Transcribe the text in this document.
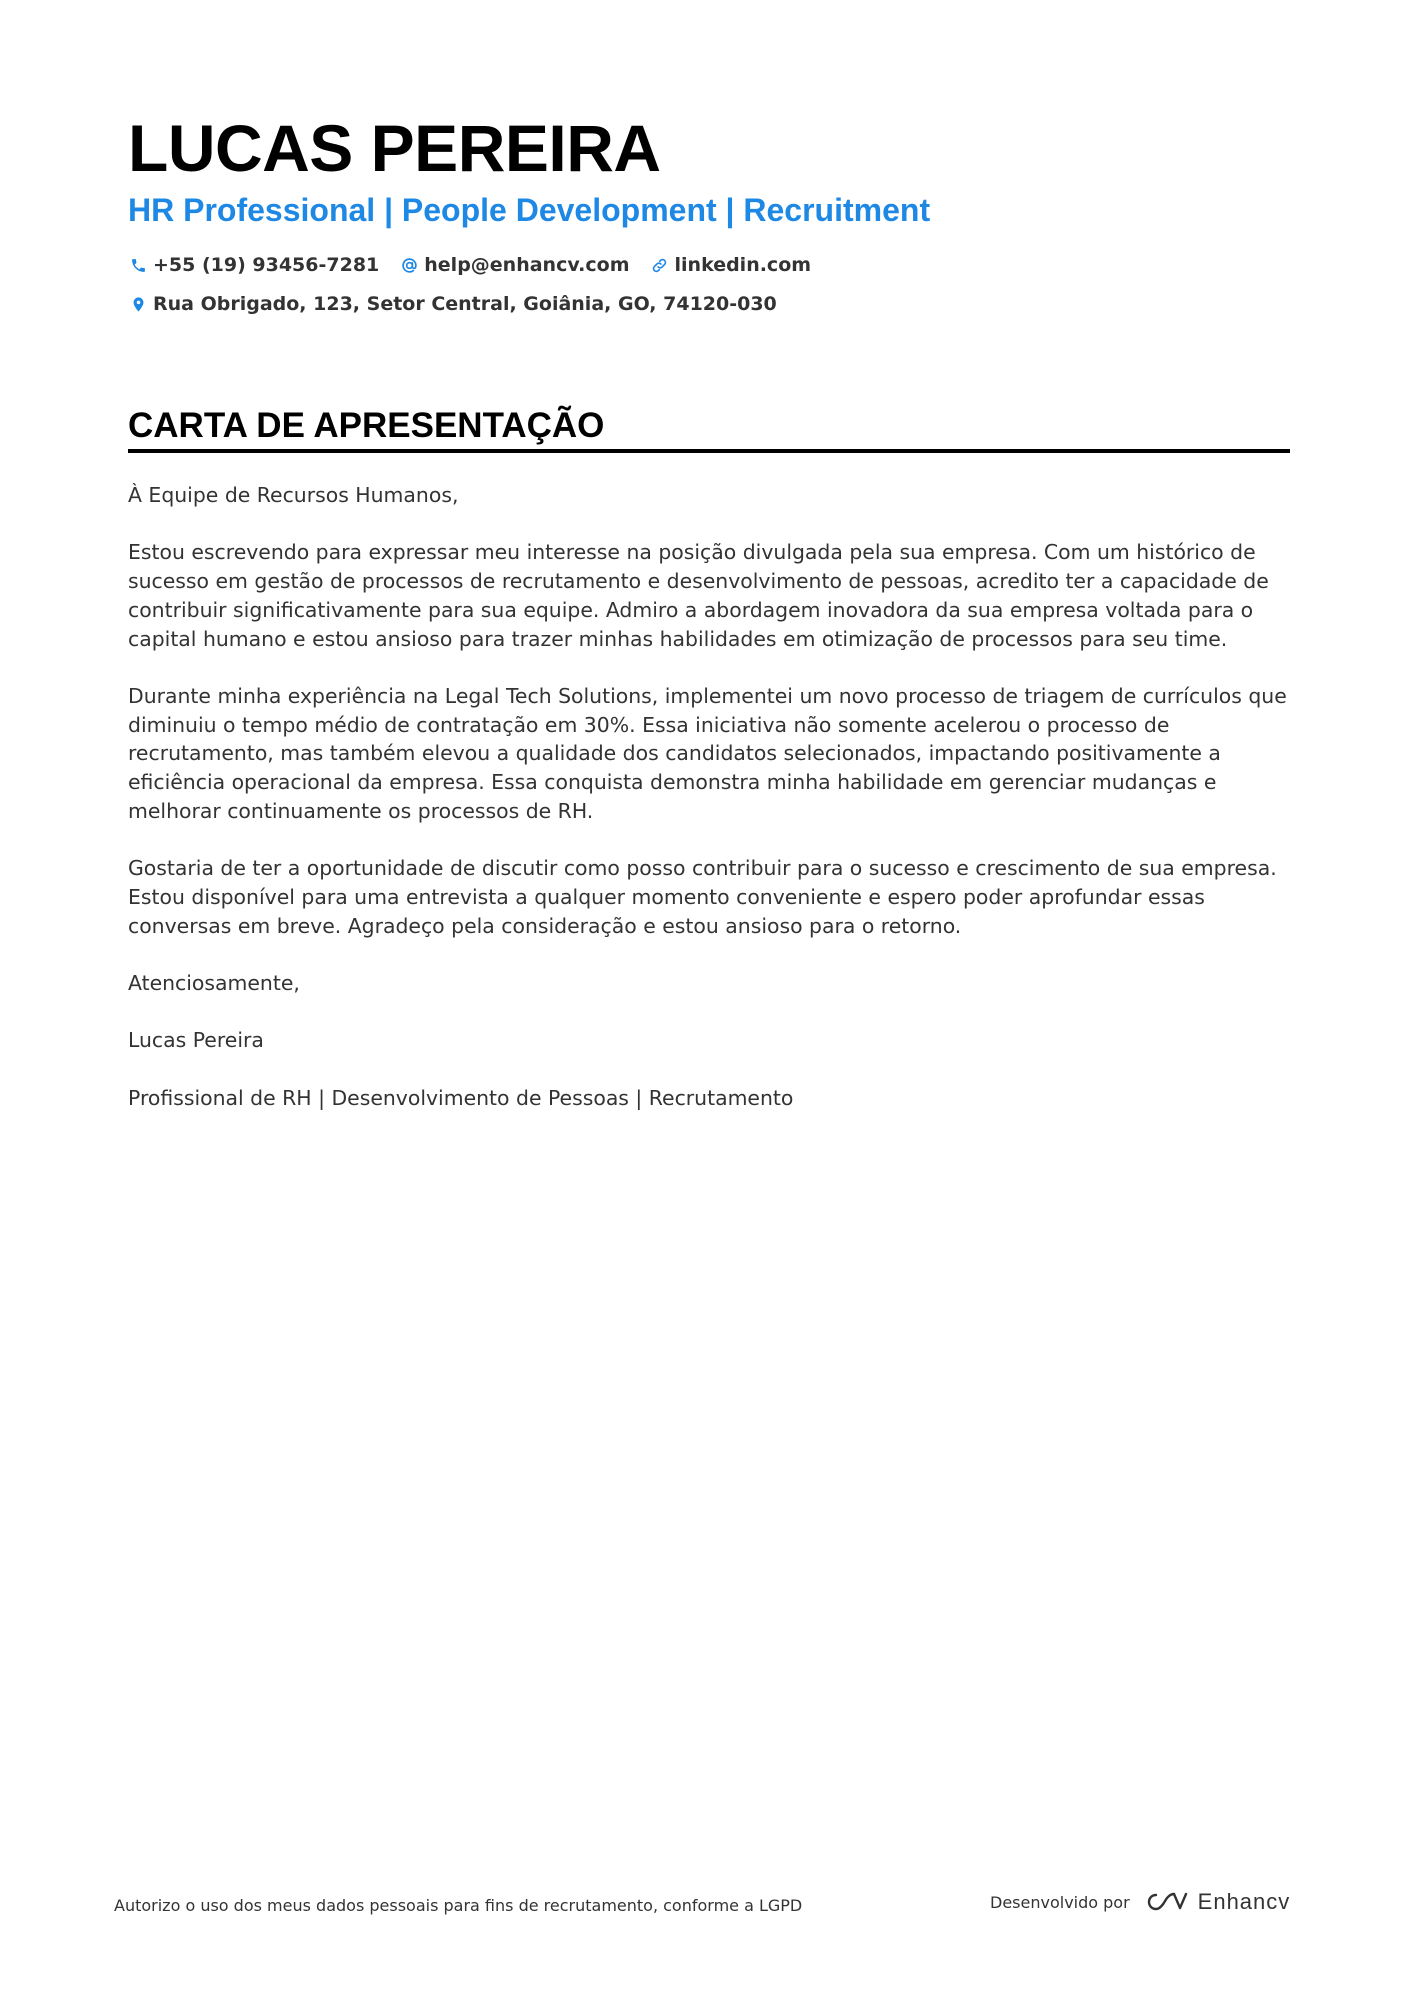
LUCAS PEREIRA
HR Professional | People Development | Recruitment
+55 (19) 93456-7281 help@enhancv.com linkedin.com
Rua Obrigado, 123, Setor Central, Goiânia, GO, 74120-030
CARTA DE APRESENTAÇÃO

À Equipe de Recursos Humanos,

Estou escrevendo para expressar meu interesse na posição divulgada pela sua empresa. Com um histórico de sucesso em gestão de processos de recrutamento e desenvolvimento de pessoas, acredito ter a capacidade de contribuir significativamente para sua equipe. Admiro a abordagem inovadora da sua empresa voltada para o capital humano e estou ansioso para trazer minhas habilidades em otimização de processos para seu time.

Durante minha experiência na Legal Tech Solutions, implementei um novo processo de triagem de currículos que diminuiu o tempo médio de contratação em 30%. Essa iniciativa não somente acelerou o processo de recrutamento, mas também elevou a qualidade dos candidatos selecionados, impactando positivamente a eficiência operacional da empresa. Essa conquista demonstra minha habilidade em gerenciar mudanças e melhorar continuamente os processos de RH.

Gostaria de ter a oportunidade de discutir como posso contribuir para o sucesso e crescimento de sua empresa. Estou disponível para uma entrevista a qualquer momento conveniente e espero poder aprofundar essas conversas em breve. Agradeço pela consideração e estou ansioso para o retorno.

Atenciosamente,

Lucas Pereira

Profissional de RH | Desenvolvimento de Pessoas | Recrutamento

Autorizo o uso dos meus dados pessoais para fins de recrutamento, conforme a LGPD	Desenvolvido por	Enhancv
